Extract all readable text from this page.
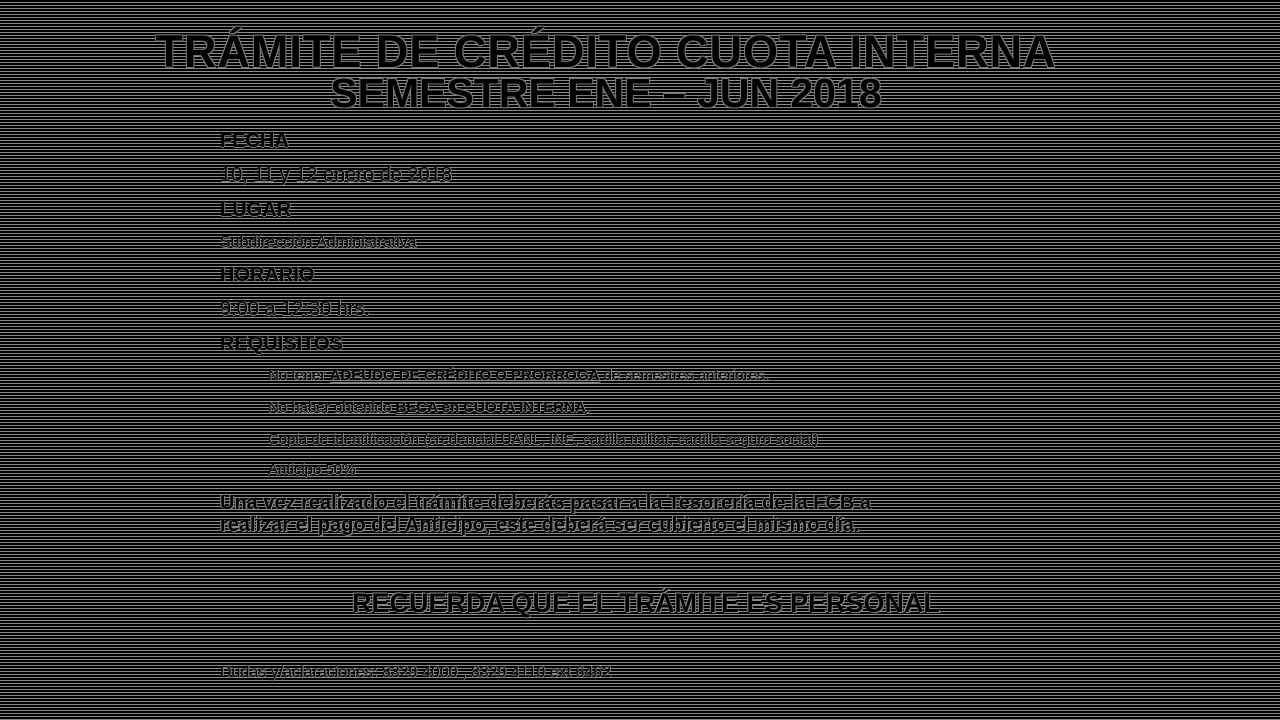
TRÁMITE DE CRÉDITO CUOTA INTERNA
SEMESTRE ENE – JUN 2018
FECHA
10, 11 y 12 enero de 2018
LUGAR
Subdirección Administrativa
HORARIO
9:00 a 12:30 hrs.
REQUISITOS
No tener ADEUDO DE CRÉDITO O PRORROGA de semestres anteriores.
No haber obtenido BECA en CUOTA INTERNA.
Copia de identificación (credencial UANL, INE, cartilla militar, cartilla seguro social)
Anticipo 50%
Una vez realizado el trámite deberás pasar a la Tesorería de la FCB a realizar el pago del Anticipo, este deberá ser cubierto el mismo día.
RECUERDA QUE EL TRÁMITE ES PERSONAL
Dudas y/aclaraciones: 8329 4000 , 8329 4110 ext 6462
